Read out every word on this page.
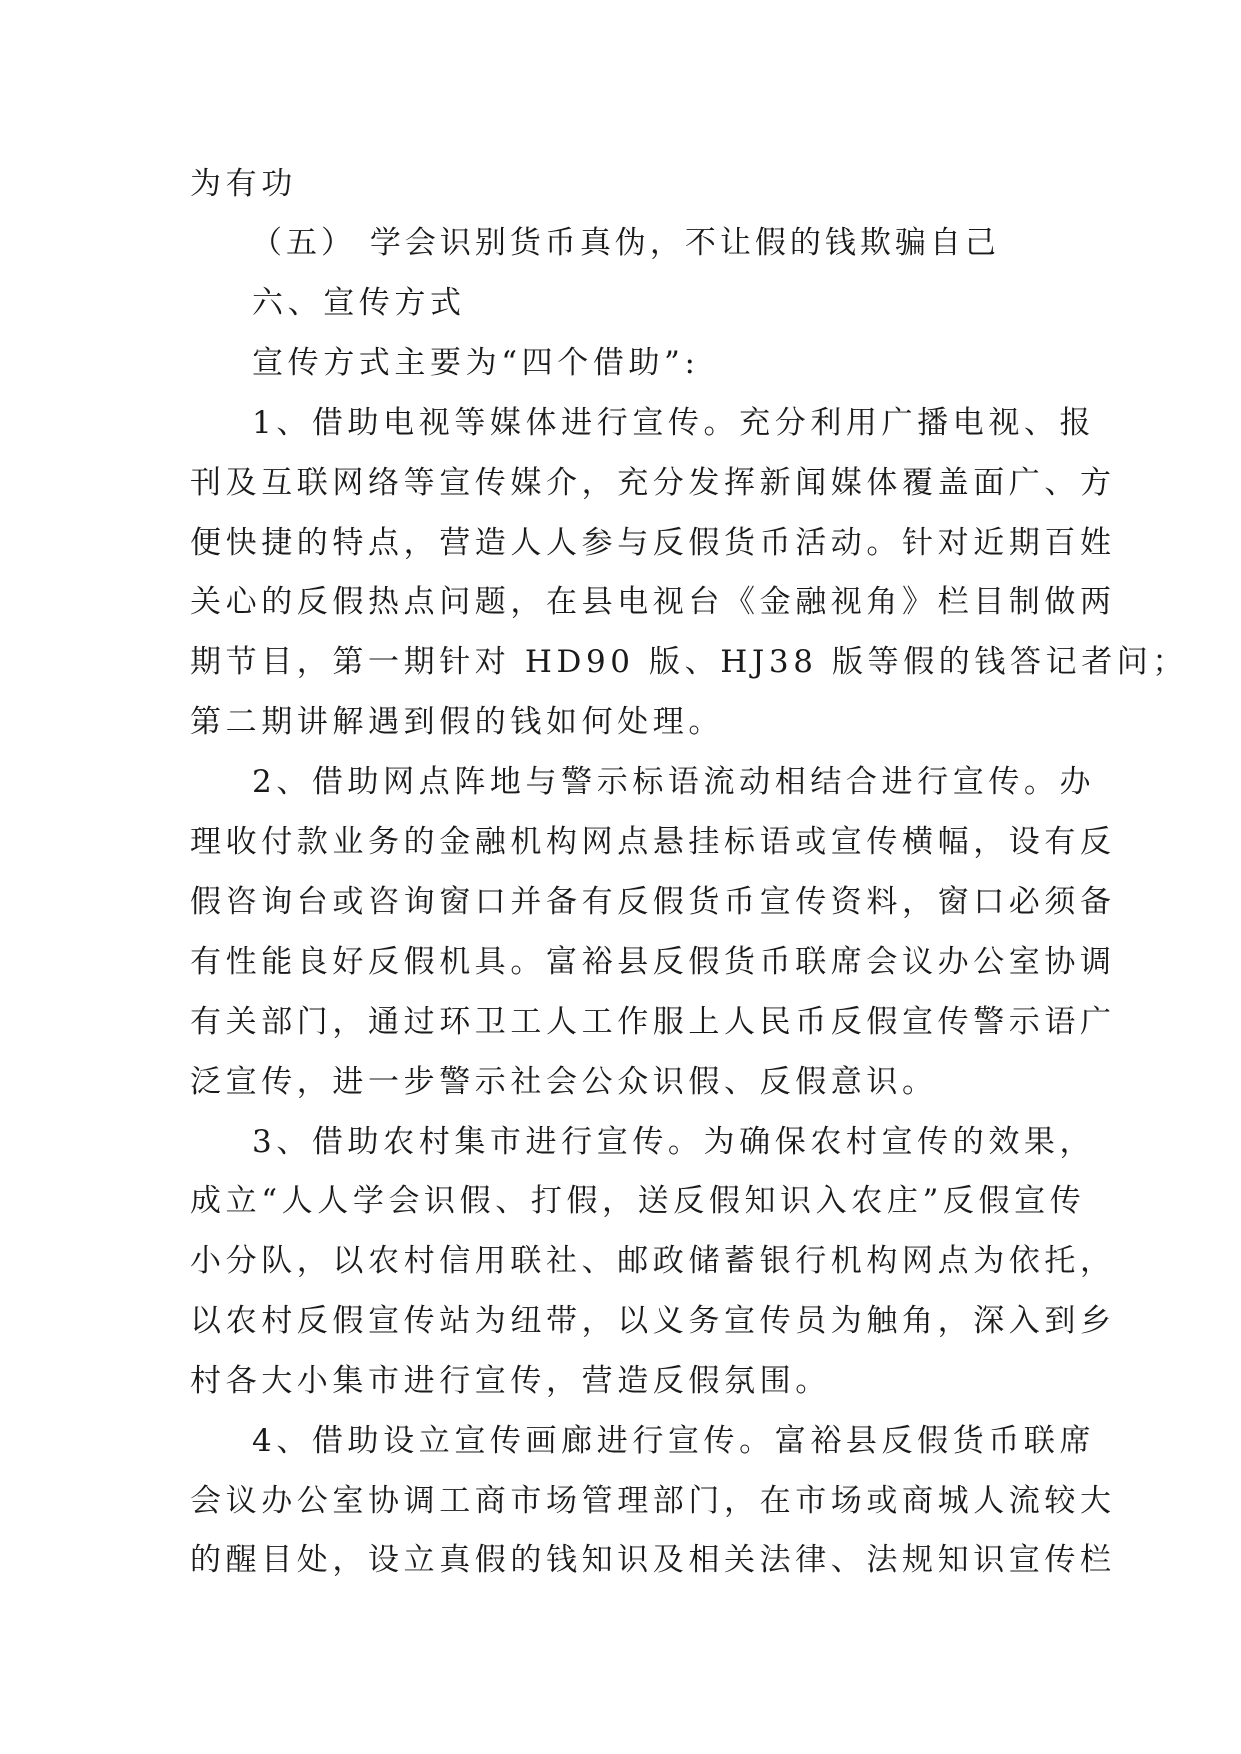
为有功
（五） 学会识别货币真伪，不让假的钱欺骗自己
六、宣传方式
宣传方式主要为“四个借助”:
1、借助电视等媒体进行宣传。充分利用广播电视、报
刊及互联网络等宣传媒介，充分发挥新闻媒体覆盖面广、方
便快捷的特点，营造人人参与反假货币活动。针对近期百姓
关心的反假热点问题，在县电视台《金融视角》栏目制做两
期节目，第一期针对 HD90 版、HJ38 版等假的钱答记者问；
第二期讲解遇到假的钱如何处理。
2、借助网点阵地与警示标语流动相结合进行宣传。办
理收付款业务的金融机构网点悬挂标语或宣传横幅，设有反
假咨询台或咨询窗口并备有反假货币宣传资料，窗口必须备
有性能良好反假机具。富裕县反假货币联席会议办公室协调
有关部门，通过环卫工人工作服上人民币反假宣传警示语广
泛宣传，进一步警示社会公众识假、反假意识。
3、借助农村集市进行宣传。为确保农村宣传的效果，
成立“人人学会识假、打假，送反假知识入农庄”反假宣传
小分队，以农村信用联社、邮政储蓄银行机构网点为依托，
以农村反假宣传站为纽带，以义务宣传员为触角，深入到乡
村各大小集市进行宣传，营造反假氛围。
4、借助设立宣传画廊进行宣传。富裕县反假货币联席
会议办公室协调工商市场管理部门，在市场或商城人流较大
的醒目处，设立真假的钱知识及相关法律、法规知识宣传栏
